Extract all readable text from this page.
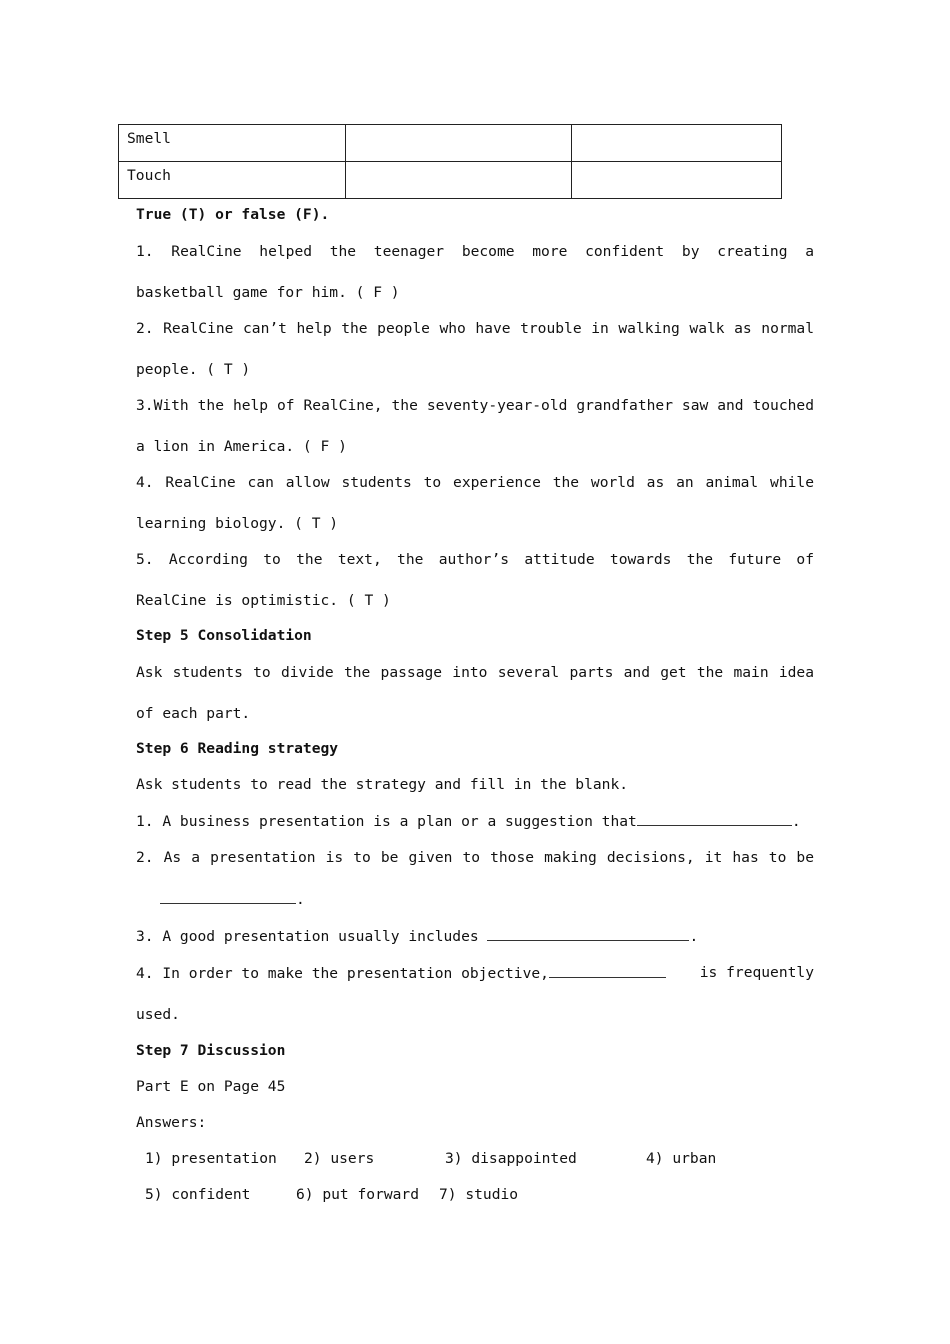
Smell		
Touch		

True (T) or false (F).

1. RealCine helped the teenager become more confident by creating a basketball game for him. ( F )

2. RealCine can’t help the people who have trouble in walking walk as normal people. ( T )

3.With the help of RealCine, the seventy-year-old grandfather saw and touched a lion in America. ( F )

4. RealCine can allow students to experience the world as an animal while learning biology. ( T )

5. According to the text, the author’s attitude towards the future of RealCine is optimistic. ( T )

Step 5 Consolidation

Ask students to divide the passage into several parts and get the main idea of each part.

Step 6 Reading strategy

Ask students to read the strategy and fill in the blank.

1. A business presentation is a plan or a suggestion that	.

2. As a presentation is to be given to those making decisions, it has to be

.

3. A good presentation usually includes	.

4. In order to make the presentation objective,	is frequently

used.

Step 7 Discussion

Part E on Page 45

Answers:

1) presentation	2) users	3) disappointed	4) urban

5) confident	6) put forward	7) studio
